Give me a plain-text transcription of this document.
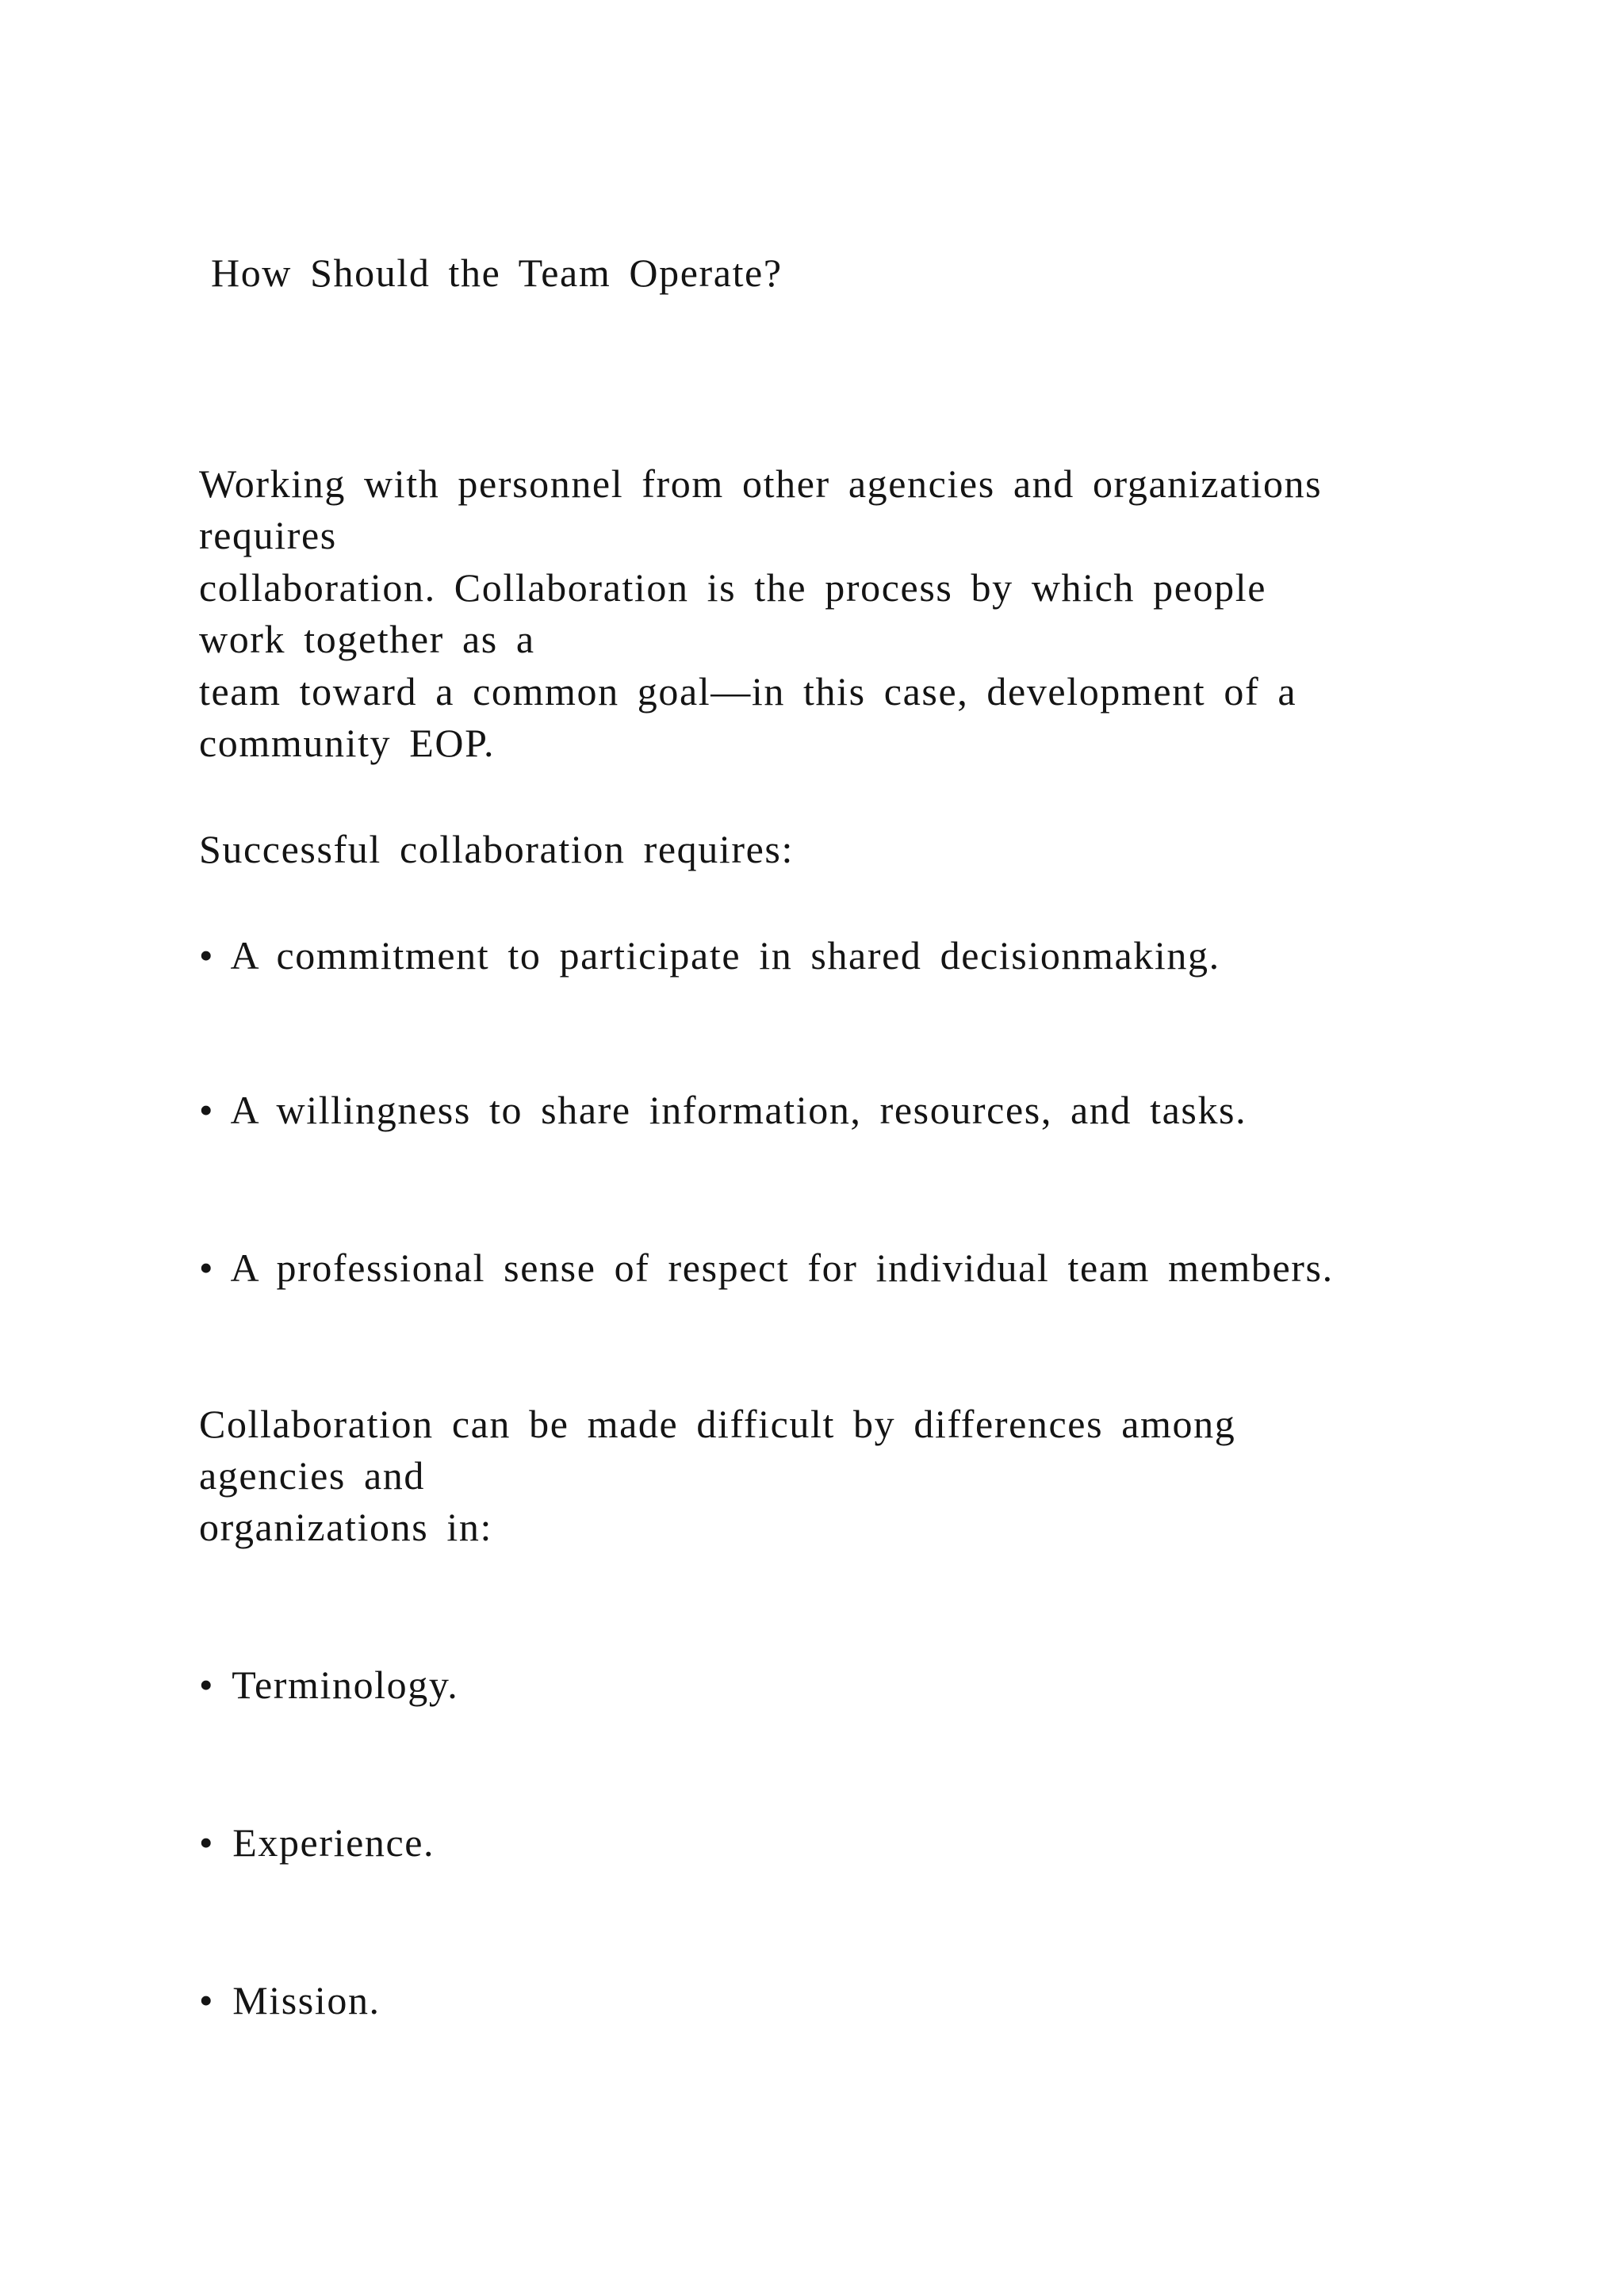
How Should the Team Operate?
Working with personnel from other agencies and organizations
requires
collaboration. Collaboration is the process by which people
work together as a
team toward a common goal—in this case, development of a
community EOP.
Successful collaboration requires:
• A commitment to participate in shared decisionmaking.
• A willingness to share information, resources, and tasks.
• A professional sense of respect for individual team members.
Collaboration can be made difficult by differences among
agencies and
organizations in:
• Terminology.
• Experience.
• Mission.
